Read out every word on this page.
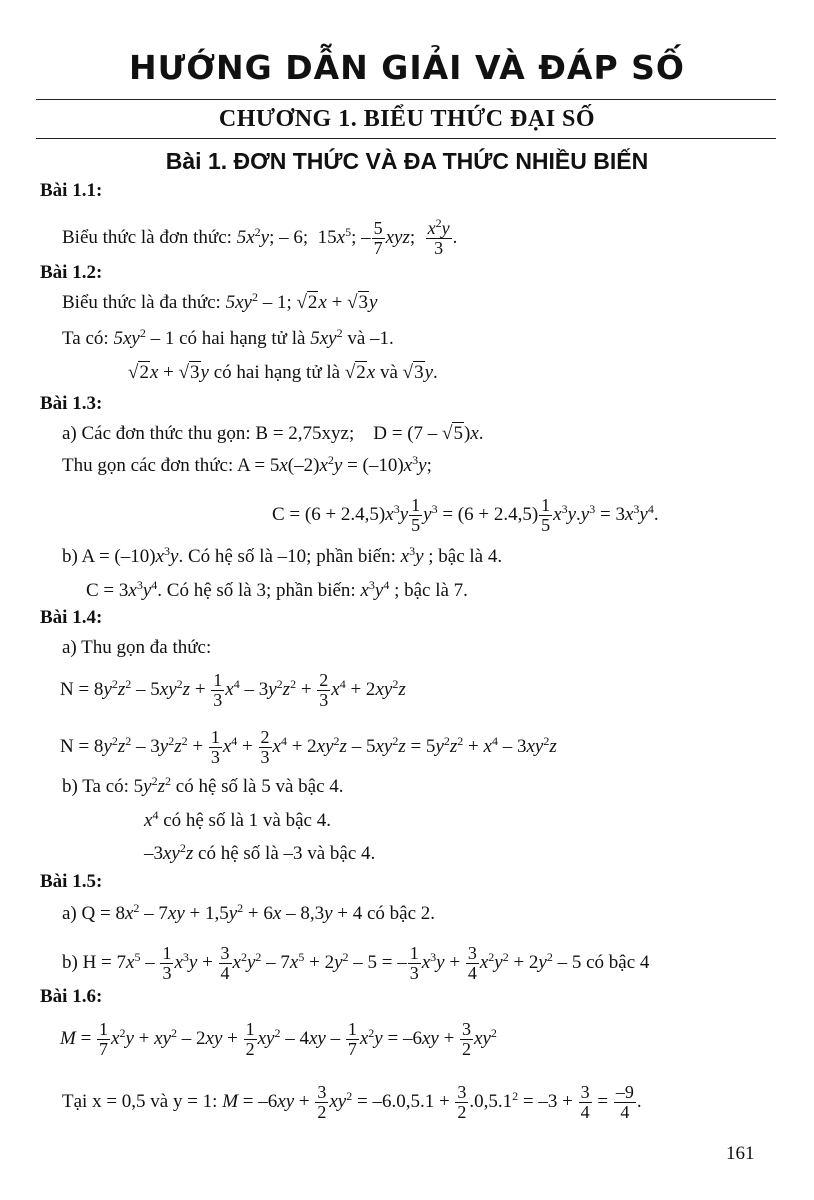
HƯỚNG DẪN GIẢI VÀ ĐÁP SỐ
CHƯƠNG 1. BIỂU THỨC ĐẠI SỐ
Bài 1. ĐƠN THỨC VÀ ĐA THỨC NHIỀU BIẾN
Bài 1.1:
Biểu thức là đơn thức: $5x^2y$; – 6;  $15x^5$; – $\frac{5}{7}$ xyz; $\frac{x^2y}{3}$ .
Bài 1.2:
Biểu thức là đa thức: $5xy^2 - 1$; √2x + √3y
Ta có: $5xy^2 - 1$ có hai hạng tử là $5xy^2$ và –1.
√2x + √3y có hai hạng tử là √2x và √3y.
Bài 1.3:
a) Các đơn thức thu gọn: B = 2,75xyz;    D = (7 – √5)x.
Thu gọn các đơn thức: $A = 5x(-2)x^2y = (-10)x^3y$;
$C = (6 + 2.4,5)x^3y \frac{1}{5} y^3 = (6 + 2.4,5) \frac{1}{5} x^3y.y^3 = 3x^3y^4$.
b) $A = (-10)x^3y$. Có hệ số là –10; phần biến: $x^3y$ ; bậc là 4.
$C = 3x^3y^4$. Có hệ số là 3; phần biến: $x^3y^4$ ; bậc là 7.
Bài 1.4:
a) Thu gọn đa thức:
$N = 8y^2z^2 - 5xy^2z + \frac{1}{3} x^4 - 3y^2z^2 + \frac{2}{3} x^4 + 2xy^2z$
$N = 8y^2z^2 - 3y^2z^2 + \frac{1}{3} x^4 + \frac{2}{3} x^4 + 2xy^2z - 5xy^2z = 5y^2z^2 + x^4 - 3xy^2z$
b) Ta có: $5y^2z^2$ có hệ số là 5 và bậc 4.
$x^4$ có hệ số là 1 và bậc 4.
$-3xy^2z$ có hệ số là –3 và bậc 4.
Bài 1.5:
a) $Q = 8x^2 - 7xy + 1,5y^2 + 6x - 8,3y + 4$ có bậc 2.
b) $H = 7x^5 - \frac{1}{3} x^3y + \frac{3}{4} x^2y^2 - 7x^5 + 2y^2 - 5$ = – $\frac{1}{3} x^3y + \frac{3}{4} x^2y^2 + 2y^2 - 5$ có bậc 4
Bài 1.6:
$M = \frac{1}{7} x^2y + xy^2 - 2xy + \frac{1}{2} xy^2 - 4xy - \frac{1}{7} x^2y = -6xy + \frac{3}{2} xy^2$
Tại x = 0,5 và y = 1: $M = -6xy + \frac{3}{2} xy^2 = -6.0,5.1 + \frac{3}{2} .0,5.1^2 = -3 + \frac{3}{4} = \frac{-9}{4}$ .
161
